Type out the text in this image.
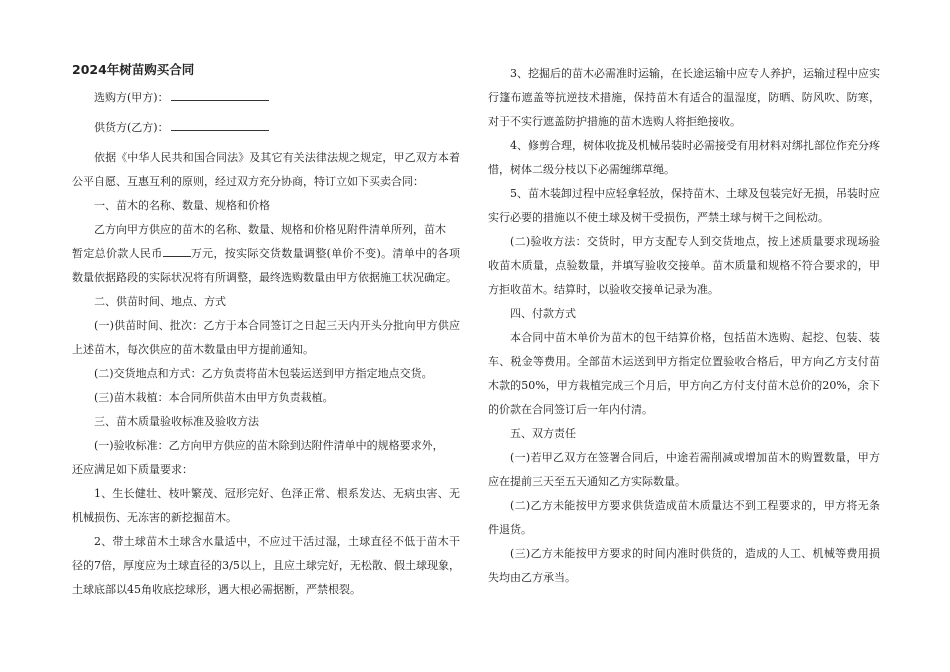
2024年树苗购买合同

选购方(甲方)：

供货方(乙方)：

依据《中华人民共和国合同法》及其它有关法律法规之规定，甲乙双方本着公平自愿、互惠互利的原则，经过双方充分协商，特订立如下买卖合同：

一、苗木的名称、数量、规格和价格

乙方向甲方供应的苗木的名称、数量、规格和价格见附件清单所列，苗木

暂定总价款人民币	万元，按实际交货数量调整(单价不变)。清单中的各项数量依据路段的实际状况将有所调整，最终选购数量由甲方依据施工状况确定。

二、供苗时间、地点、方式

(一)供苗时间、批次：乙方于本合同签订之日起三天内开头分批向甲方供应上述苗木，每次供应的苗木数量由甲方提前通知。

(二)交货地点和方式：乙方负责将苗木包装运送到甲方指定地点交货。

(三)苗木栽植：本合同所供苗木由甲方负责栽植。

三、苗木质量验收标准及验收方法

(一)验收标准：乙方向甲方供应的苗木除到达附件清单中的规格要求外，

还应满足如下质量要求：

1、生长健壮、枝叶繁茂、冠形完好、色泽正常、根系发达、无病虫害、无机械损伤、无冻害的新挖掘苗木。

2、带土球苗木土球含水量适中，不应过干活过湿，土球直径不低于苗木干径的7倍，厚度应为土球直径的3/5以上，且应土球完好，无松散、假土球现象，土球底部以45角收底挖球形，遇大根必需据断，严禁根裂。

3、挖掘后的苗木必需准时运输，在长途运输中应专人养护，运输过程中应实行篷布遮盖等抗逆技术措施，保持苗木有适合的温湿度，防晒、防风吹、防寒，对于不实行遮盖防护措施的苗木选购人将拒绝接收。

4、修剪合理，树体收拢及机械吊装时必需接受有用材料对绑扎部位作充分疼惜，树体二级分枝以下必需缠绑草绳。

5、苗木装卸过程中应轻拿轻放，保持苗木、土球及包装完好无损，吊装时应实行必要的措施以不使土球及树干受损伤，严禁土球与树干之间松动。

(二)验收方法：交货时，甲方支配专人到交货地点，按上述质量要求现场验收苗木质量，点验数量，并填写验收交接单。苗木质量和规格不符合要求的，甲方拒收苗木。结算时，以验收交接单记录为准。

四、付款方式

本合同中苗木单价为苗木的包干结算价格，包括苗木选购、起挖、包装、装车、税金等费用。全部苗木运送到甲方指定位置验收合格后，甲方向乙方支付苗木款的50%，甲方栽植完成三个月后，甲方向乙方付支付苗木总价的20%，余下的价款在合同签订后一年内付清。

五、双方责任

(一)若甲乙双方在签署合同后，中途若需削减或增加苗木的购置数量，甲方应在提前三天至五天通知乙方实际数量。

(二)乙方未能按甲方要求供货造成苗木质量达不到工程要求的，甲方将无条件退货。

(三)乙方未能按甲方要求的时间内准时供货的，造成的人工、机械等费用损失均由乙方承当。
